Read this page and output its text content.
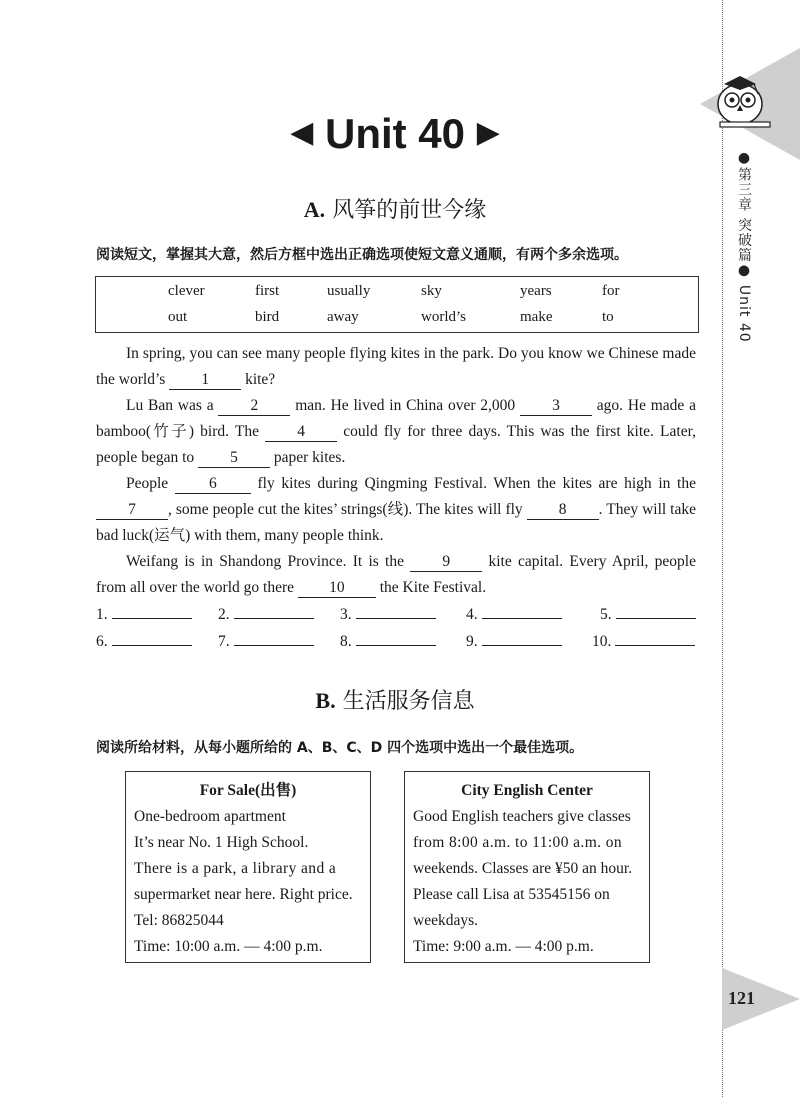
●第三章 突破篇● Unit 40
121
◀ Unit 40 ▶
A. 风筝的前世今缘
阅读短文，掌握其大意，然后方框中选出正确选项使短文意义通顺，有两个多余选项。
clever	first	usually	sky	years	for
out	bird	away	world’s	make	to

In spring, you can see many people flying kites in the park. Do you know we Chinese made the world’s 1 kite?

Lu Ban was a 2 man. He lived in China over 2,000 3 ago. He made a bamboo(竹子) bird. The 4 could fly for three days. This was the first kite. Later, people began to 5 paper kites.

People 6 fly kites during Qingming Festival. When the kites are high in the 7 , some people cut the kites’ strings(线). The kites will fly 8 . They will take bad luck(运气) with them, many people think.

Weifang is in Shandong Province. It is the 9 kite capital. Every April, people from all over the world go there 10 the Kite Festival.

1.	2.	3.	4.	5.
6.	7.	8.	9.	10.
B. 生活服务信息
阅读所给材料，从每小题所给的 A、B、C、D 四个选项中选出一个最佳选项。
For Sale(出售)
One-bedroom apartment
It’s near No. 1 High School.
There is a park, a library and a
supermarket near here. Right price.
Tel: 86825044
Time: 10:00 a.m. — 4:00 p.m.
City English Center
Good English teachers give classes
from 8:00 a.m. to 11:00 a.m. on
weekends. Classes are ¥50 an hour.
Please call Lisa at 53545156 on
weekdays.
Time: 9:00 a.m. — 4:00 p.m.
